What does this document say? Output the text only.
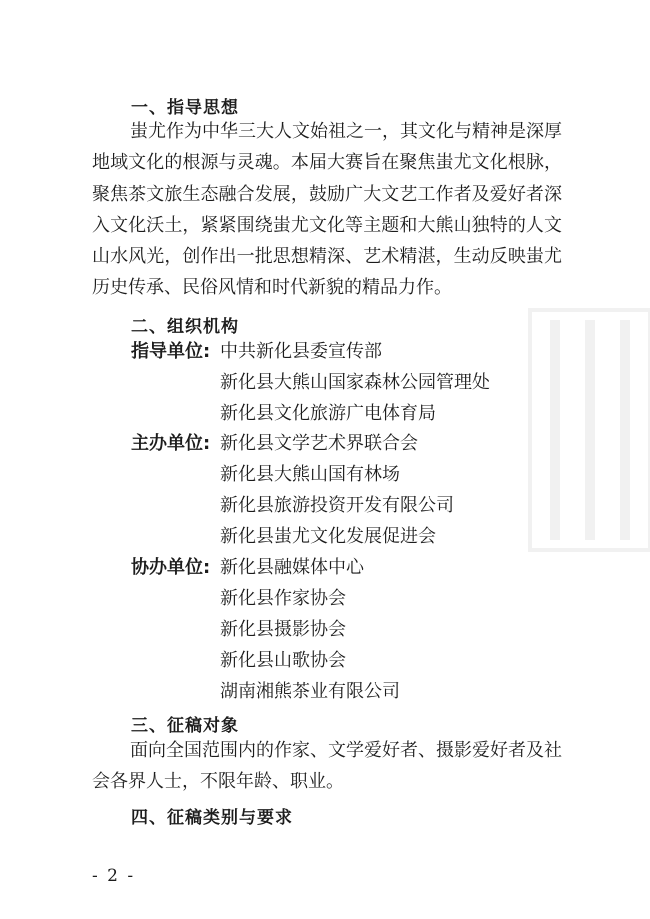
一、指导思想
蚩尤作为中华三大人文始祖之一，其文化与精神是深厚地域文化的根源与灵魂。本届大赛旨在聚焦蚩尤文化根脉，聚焦茶文旅生态融合发展，鼓励广大文艺工作者及爱好者深入文化沃土，紧紧围绕蚩尤文化等主题和大熊山独特的人文山水风光，创作出一批思想精深、艺术精湛，生动反映蚩尤历史传承、民俗风情和时代新貌的精品力作。
二、组织机构
指导单位: 中共新化县委宣传部
新化县大熊山国家森林公园管理处
新化县文化旅游广电体育局
主办单位: 新化县文学艺术界联合会
新化县大熊山国有林场
新化县旅游投资开发有限公司
新化县蚩尤文化发展促进会
协办单位: 新化县融媒体中心
新化县作家协会
新化县摄影协会
新化县山歌协会
湖南湘熊茶业有限公司
三、征稿对象
面向全国范围内的作家、文学爱好者、摄影爱好者及社会各界人士，不限年龄、职业。
四、征稿类别与要求
- 2 -
